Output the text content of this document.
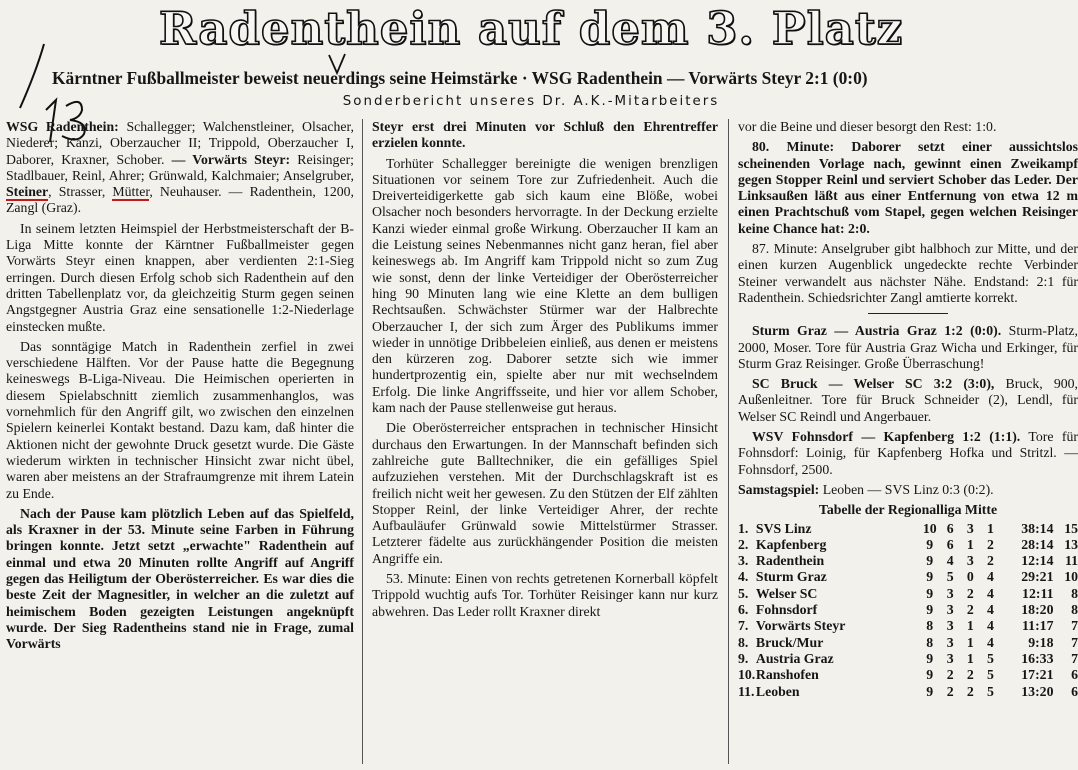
Radenthein auf dem 3. Platz
Kärntner Fußballmeister beweist neuerdings seine Heimstärke · WSG Radenthein — Vorwärts Steyr 2:1 (0:0)
Sonderbericht unseres Dr. A.K.-Mitarbeiters

WSG Radenthein: Schallegger; Walchenstleiner, Olsacher, Niederer; Kanzi, Oberzaucher II; Trippold, Oberzaucher I, Daborer, Kraxner, Schober. — Vorwärts Steyr: Reisinger; Stadlbauer, Reinl, Ahrer; Grünwald, Kalchmaier; Anselgruber, Steiner, Strasser, Mütter, Neuhauser. — Radenthein, 1200, Zangl (Graz).

In seinem letzten Heimspiel der Herbstmeisterschaft der B-Liga Mitte konnte der Kärntner Fußballmeister gegen Vorwärts Steyr einen knappen, aber verdienten 2:1-Sieg erringen. Durch diesen Erfolg schob sich Radenthein auf den dritten Tabellenplatz vor, da gleichzeitig Sturm gegen seinen Angstgegner Austria Graz eine sensationelle 1:2-Niederlage einstecken mußte.

Das sonntägige Match in Radenthein zerfiel in zwei verschiedene Hälften. Vor der Pause hatte die Begegnung keineswegs B-Liga-Niveau. Die Heimischen operierten in diesem Spielabschnitt ziemlich zusammenhanglos, was vornehmlich für den Angriff gilt, wo zwischen den einzelnen Spielern keinerlei Kontakt bestand. Dazu kam, daß hinter die Aktionen nicht der gewohnte Druck gesetzt wurde. Die Gäste wiederum wirkten in technischer Hinsicht zwar nicht übel, waren aber meistens an der Strafraumgrenze mit ihrem Latein zu Ende.

Nach der Pause kam plötzlich Leben auf das Spielfeld, als Kraxner in der 53. Minute seine Farben in Führung bringen konnte. Jetzt setzt „erwachte" Radenthein auf einmal und etwa 20 Minuten rollte Angriff auf Angriff gegen das Heiligtum der Oberösterreicher. Es war dies die beste Zeit der Magnesitler, in welcher an die zuletzt auf heimischem Boden gezeigten Leistungen angeknüpft wurde. Der Sieg Radentheins stand nie in Frage, zumal Vorwärts

Steyr erst drei Minuten vor Schluß den Ehrentreffer erzielen konnte.

Torhüter Schallegger bereinigte die wenigen brenzligen Situationen vor seinem Tore zur Zufriedenheit. Auch die Dreiverteidigerkette gab sich kaum eine Blöße, wobei Olsacher noch besonders hervorragte. In der Deckung erzielte Kanzi wieder einmal große Wirkung. Oberzaucher II kam an die Leistung seines Nebenmannes nicht ganz heran, fiel aber keineswegs ab. Im Angriff kam Trippold nicht so zum Zug wie sonst, denn der linke Verteidiger der Oberösterreicher hing 90 Minuten lang wie eine Klette an dem bulligen Rechtsaußen. Schwächster Stürmer war der Halbrechte Oberzaucher I, der sich zum Ärger des Publikums immer wieder in unnötige Dribbeleien einließ, aus denen er meistens den kürzeren zog. Daborer setzte sich wie immer hundertprozentig ein, spielte aber nur mit wechselndem Erfolg. Die linke Angriffsseite, und hier vor allem Schober, kam nach der Pause stellenweise gut heraus.

Die Oberösterreicher entsprachen in technischer Hinsicht durchaus den Erwartungen. In der Mannschaft befinden sich zahlreiche gute Balltechniker, die ein gefälliges Spiel aufzuziehen verstehen. Mit der Durchschlagskraft ist es freilich nicht weit her gewesen. Zu den Stützen der Elf zählten Stopper Reinl, der linke Verteidiger Ahrer, der rechte Aufbauläufer Grünwald sowie Mittelstürmer Strasser. Letzterer fädelte aus zurückhängender Position die meisten Angriffe ein.

53. Minute: Einen von rechts getretenen Kornerball köpfelt Trippold wuchtig aufs Tor. Torhüter Reisinger kann nur kurz abwehren. Das Leder rollt Kraxner direkt

vor die Beine und dieser besorgt den Rest: 1:0.

80. Minute: Daborer setzt einer aussichtslos scheinenden Vorlage nach, gewinnt einen Zweikampf gegen Stopper Reinl und serviert Schober das Leder. Der Linksaußen läßt aus einer Entfernung von etwa 12 m einen Prachtschuß vom Stapel, gegen welchen Reisinger keine Chance hat: 2:0.

87. Minute: Anselgruber gibt halbhoch zur Mitte, und der einen kurzen Augenblick ungedeckte rechte Verbinder Steiner verwandelt aus nächster Nähe. Endstand: 2:1 für Radenthein. Schiedsrichter Zangl amtierte korrekt.

Sturm Graz — Austria Graz 1:2 (0:0). Sturm-Platz, 2000, Moser. Tore für Austria Graz Wicha und Erkinger, für Sturm Graz Reisinger. Große Überraschung!

SC Bruck — Welser SC 3:2 (3:0), Bruck, 900, Außenleitner. Tore für Bruck Schneider (2), Lendl, für Welser SC Reindl und Angerbauer.

WSV Fohnsdorf — Kapfenberg 1:2 (1:1). Tore für Fohnsdorf: Loinig, für Kapfenberg Hofka und Stritzl. — Fohnsdorf, 2500.

Samstagspiel: Leoben — SVS Linz 0:3 (0:2).

Tabelle der Regionalliga Mitte
1.	SVS Linz	10	6	3	1	38:14	15
2.	Kapfenberg	9	6	1	2	28:14	13
3.	Radenthein	9	4	3	2	12:14	11
4.	Sturm Graz	9	5	0	4	29:21	10
5.	Welser SC	9	3	2	4	12:11	8
6.	Fohnsdorf	9	3	2	4	18:20	8
7.	Vorwärts Steyr	8	3	1	4	11:17	7
8.	Bruck/Mur	8	3	1	4	9:18	7
9.	Austria Graz	9	3	1	5	16:33	7
10.	Ranshofen	9	2	2	5	17:21	6
11.	Leoben	9	2	2	5	13:20	6
